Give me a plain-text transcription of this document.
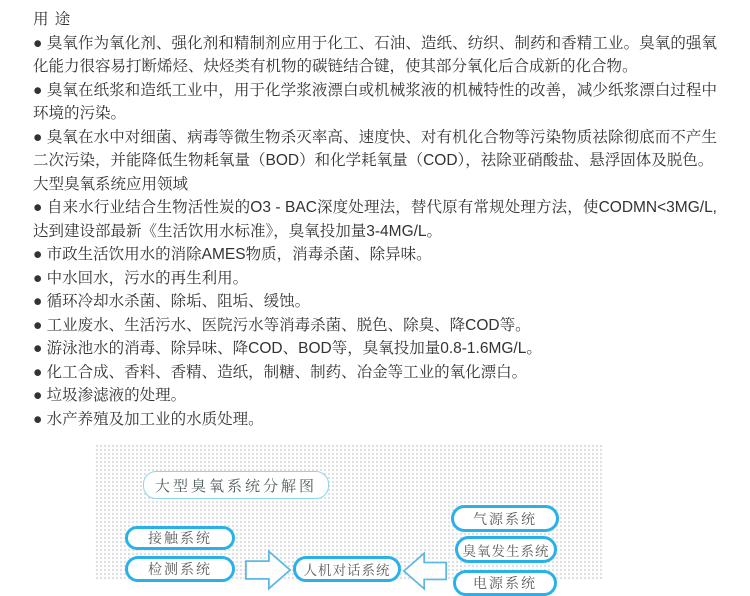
用 途

● 臭氧作为氧化剂、强化剂和精制剂应用于化工、石油、造纸、纺织、制药和香精工业。臭氧的强氧化能力很容易打断烯烃、炔烃类有机物的碳链结合键，使其部分氧化后合成新的化合物。

● 臭氧在纸浆和造纸工业中，用于化学浆液漂白或机械浆液的机械特性的改善，减少纸浆漂白过程中环境的污染。

● 臭氧在水中对细菌、病毒等微生物杀灭率高、速度快、对有机化合物等污染物质祛除彻底而不产生二次污染，并能降低生物耗氧量（BOD）和化学耗氧量（COD），祛除亚硝酸盐、悬浮固体及脱色。

大型臭氧系统应用领域

● 自来水行业结合生物活性炭的O3 - BAC深度处理法，替代原有常规处理方法，使CODMN<3MG/L,达到建设部最新《生活饮用水标准》，臭氧投加量3-4MG/L。

● 市政生活饮用水的消除AMES物质，消毒杀菌、除异味。

● 中水回水，污水的再生利用。

● 循环冷却水杀菌、除垢、阻垢、缓蚀。

● 工业废水、生活污水、医院污水等消毒杀菌、脱色、除臭、降COD等。

● 游泳池水的消毒、除异味、降COD、BOD等，臭氧投加量0.8-1.6MG/L。

● 化工合成、香料、香精、造纸，制糖、制药、冶金等工业的氧化漂白。

● 垃圾渗滤液的处理。

● 水产养殖及加工业的水质处理。

大型臭氧系统分解图
接触系统
检测系统	人机对话系统
气源系统
臭氧发生系统
电源系统
